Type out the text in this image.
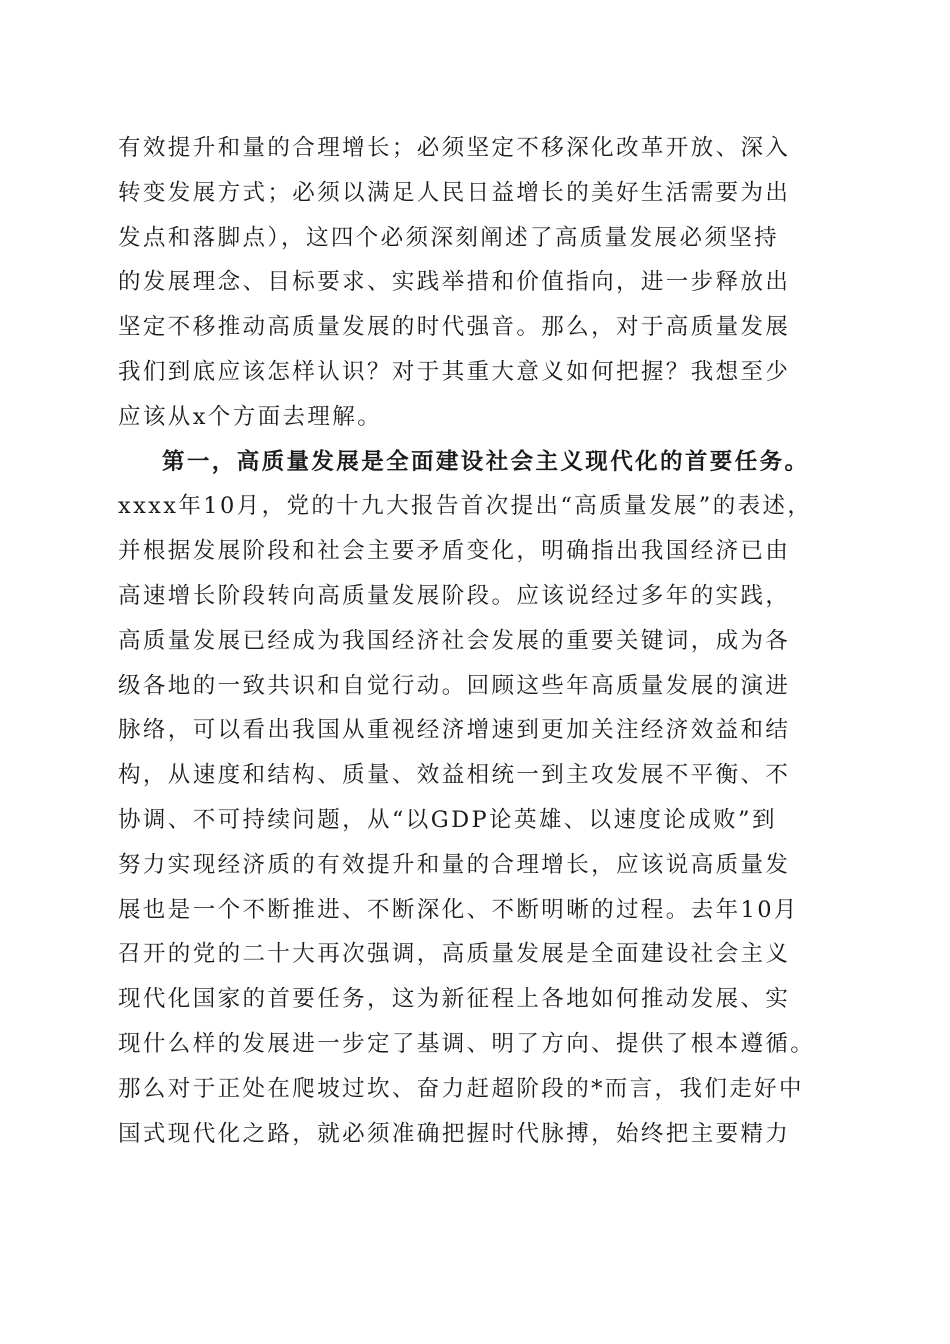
有效提升和量的合理增长；必须坚定不移深化改革开放、深入
转变发展方式；必须以满足人民日益增长的美好生活需要为出
发点和落脚点），这四个必须深刻阐述了高质量发展必须坚持
的发展理念、目标要求、实践举措和价值指向，进一步释放出
坚定不移推动高质量发展的时代强音。那么，对于高质量发展
我们到底应该怎样认识？对于其重大意义如何把握？我想至少
应该从x个方面去理解。
第一，高质量发展是全面建设社会主义现代化的首要任务。
xxxx年10月，党的十九大报告首次提出“高质量发展”的表述，
并根据发展阶段和社会主要矛盾变化，明确指出我国经济已由
高速增长阶段转向高质量发展阶段。应该说经过多年的实践，
高质量发展已经成为我国经济社会发展的重要关键词，成为各
级各地的一致共识和自觉行动。回顾这些年高质量发展的演进
脉络，可以看出我国从重视经济增速到更加关注经济效益和结
构，从速度和结构、质量、效益相统一到主攻发展不平衡、不
协调、不可持续问题，从“以GDP论英雄、以速度论成败”到
努力实现经济质的有效提升和量的合理增长，应该说高质量发
展也是一个不断推进、不断深化、不断明晰的过程。去年10月
召开的党的二十大再次强调，高质量发展是全面建设社会主义
现代化国家的首要任务，这为新征程上各地如何推动发展、实
现什么样的发展进一步定了基调、明了方向、提供了根本遵循。
那么对于正处在爬坡过坎、奋力赶超阶段的*而言，我们走好中
国式现代化之路，就必须准确把握时代脉搏，始终把主要精力
